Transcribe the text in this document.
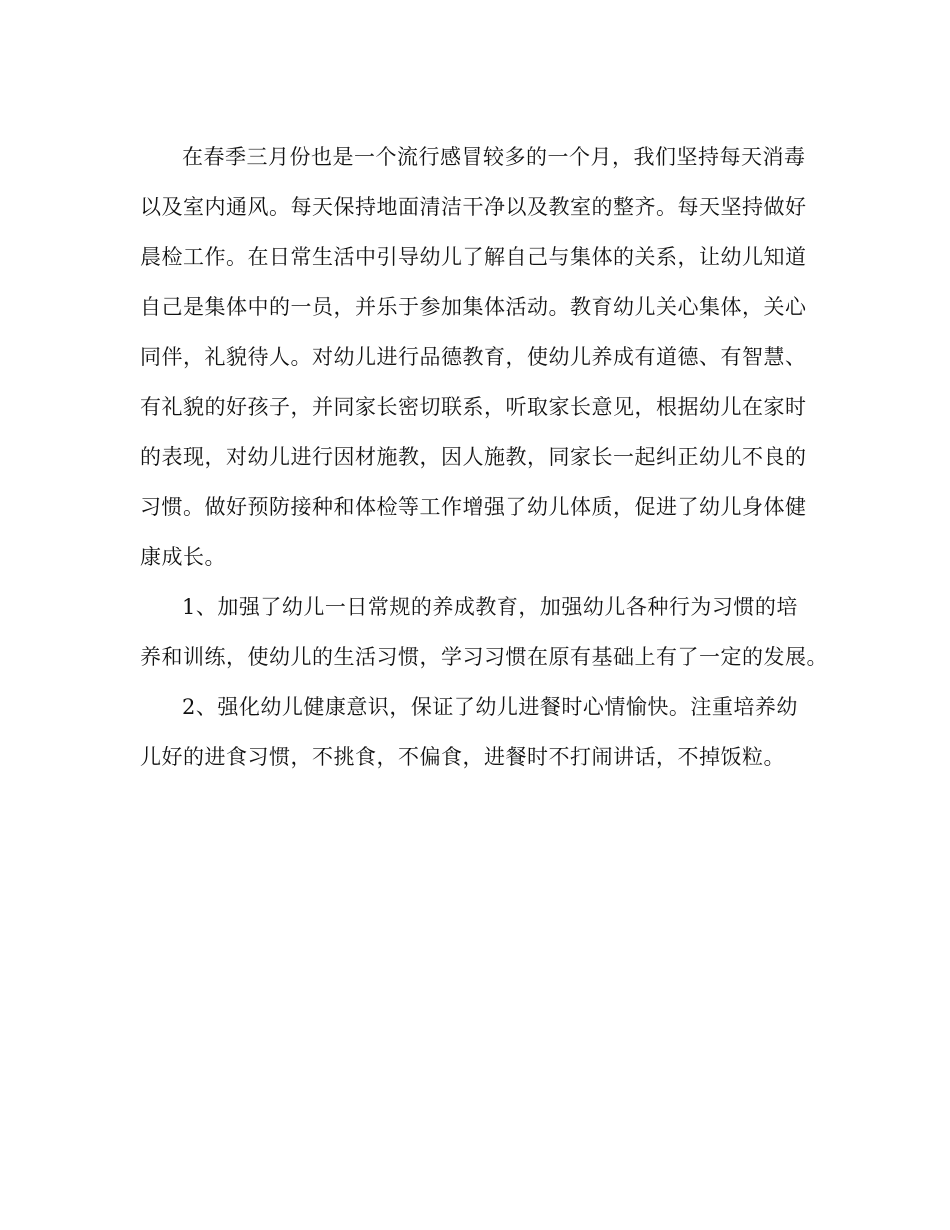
在春季三月份也是一个流行感冒较多的一个月，我们坚持每天消毒
以及室内通风。每天保持地面清洁干净以及教室的整齐。每天坚持做好
晨检工作。在日常生活中引导幼儿了解自己与集体的关系，让幼儿知道
自己是集体中的一员，并乐于参加集体活动。教育幼儿关心集体，关心
同伴，礼貌待人。对幼儿进行品德教育，使幼儿养成有道德、有智慧、
有礼貌的好孩子，并同家长密切联系，听取家长意见，根据幼儿在家时
的表现，对幼儿进行因材施教，因人施教，同家长一起纠正幼儿不良的
习惯。做好预防接种和体检等工作增强了幼儿体质，促进了幼儿身体健
康成长。
1、加强了幼儿一日常规的养成教育，加强幼儿各种行为习惯的培
养和训练，使幼儿的生活习惯，学习习惯在原有基础上有了一定的发展。
2、强化幼儿健康意识，保证了幼儿进餐时心情愉快。注重培养幼
儿好的进食习惯，不挑食，不偏食，进餐时不打闹讲话，不掉饭粒。
